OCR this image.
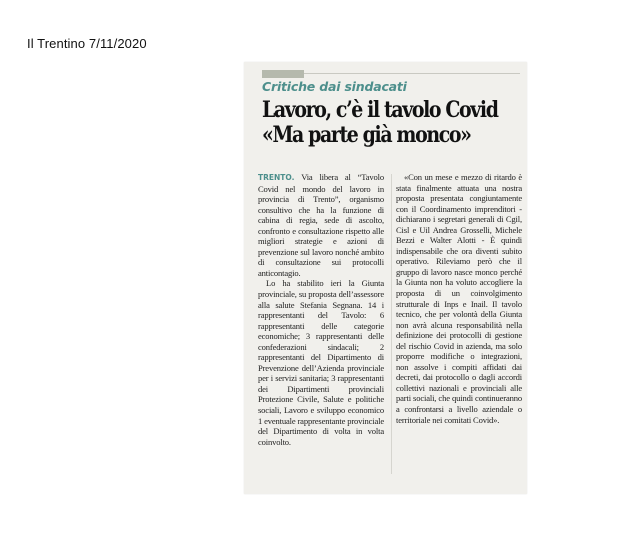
Il Trentino 7/11/2020
Critiche dai sindacati
Lavoro, c’è il tavolo Covid
«Ma parte già monco»

TRENTO. Via libera al “Tavolo Covid nel mondo del lavoro in provincia di Trento”, organismo consultivo che ha la funzione di cabina di regia, sede di ascolto, confronto e consultazione rispetto alle migliori strategie e azioni di prevenzione sul lavoro nonché ambito di consultazione sui protocolli anticontagio.

Lo ha stabilito ieri la Giunta provinciale, su proposta dell’assessore alla salute Stefania Segnana. 14 i rappresentanti del Tavolo: 6 rappresentanti delle categorie economiche; 3 rappresentanti delle confederazioni sindacali; 2 rappresentanti del Dipartimento di Prevenzione dell’Azienda provinciale per i servizi sanitaria; 3 rappresentanti dei Dipartimenti provinciali Protezione Civile, Salute e politiche sociali, Lavoro e sviluppo economico 1 eventuale rappresentante provinciale del Dipartimento di volta in volta coinvolto.

«Con un mese e mezzo di ritardo è stata finalmente attuata una nostra proposta presentata congiuntamente con il Coordinamento imprenditori - dichiarano i segretari generali di Cgil, Cisl e Uil Andrea Grosselli, Michele Bezzi e Walter Alotti - È quindi indispensabile che ora diventi subito operativo. Rileviamo però che il gruppo di lavoro nasce monco perché la Giunta non ha voluto accogliere la proposta di un coinvolgimento strutturale di Inps e Inail. Il tavolo tecnico, che per volontà della Giunta non avrà alcuna responsabilità nella definizione dei protocolli di gestione del rischio Covid in azienda, ma solo proporre modifiche o integrazioni, non assolve i compiti affidati dai decreti, dai protocollo o dagli accordi collettivi nazionali e provinciali alle parti sociali, che quindi continueranno a confrontarsi a livello aziendale o territoriale nei comitati Covid».
